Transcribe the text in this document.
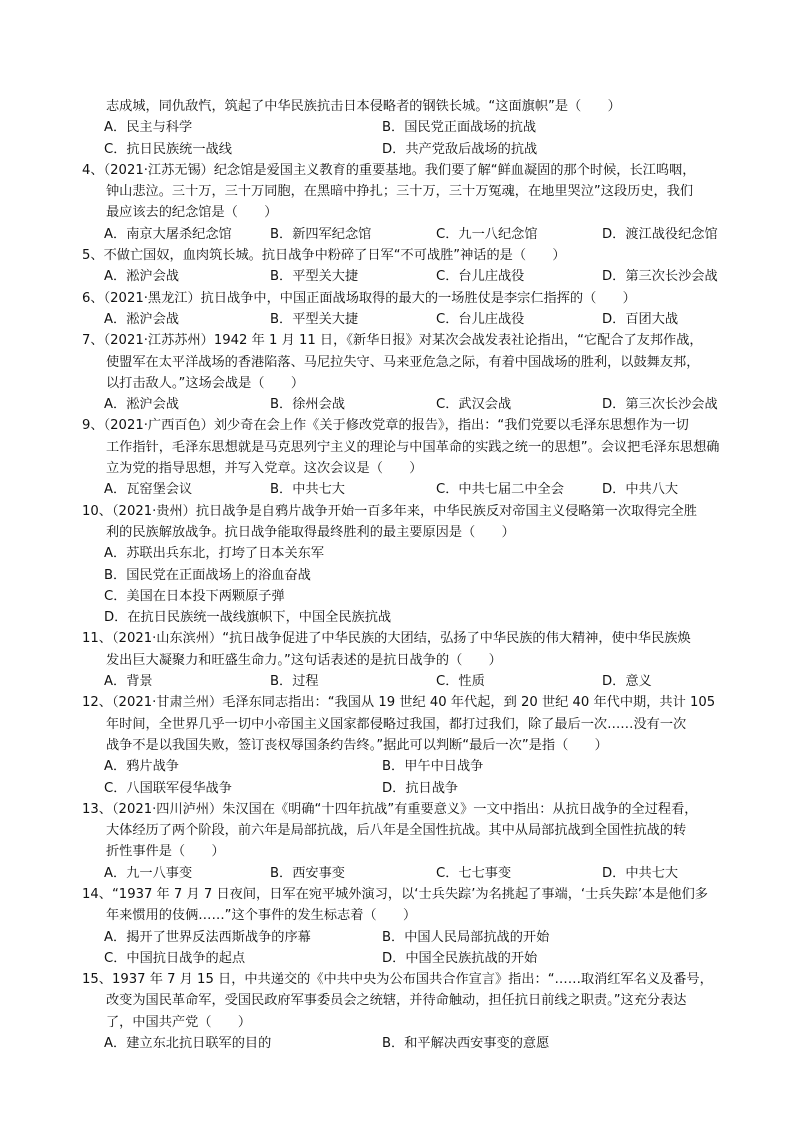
志成城，同仇敌忾，筑起了中华民族抗击日本侵略者的钢铁长城。“这面旗帜”是（　　）
A．民主与科学	B．国民党正面战场的抗战
C．抗日民族统一战线	D．共产党敌后战场的抗战
4、（2021·江苏无锡）纪念馆是爱国主义教育的重要基地。我们要了解“鲜血凝固的那个时候，长江呜咽，
钟山悲泣。三十万，三十万同胞，在黑暗中挣扎；三十万，三十万冤魂，在地里哭泣”这段历史，我们
最应该去的纪念馆是（　　）
A．南京大屠杀纪念馆	B．新四军纪念馆	C．九一八纪念馆	D．渡江战役纪念馆
5、不做亡国奴，血肉筑长城。抗日战争中粉碎了日军“不可战胜”神话的是（　　）
A．淞沪会战	B．平型关大捷	C．台儿庄战役	D．第三次长沙会战
6、（2021·黑龙江）抗日战争中，中国正面战场取得的最大的一场胜仗是李宗仁指挥的（　　）
A．淞沪会战	B．平型关大捷	C．台儿庄战役	D．百团大战
7、（2021·江苏苏州）1942 年 1 月 11 日，《新华日报》对某次会战发表社论指出，“它配合了友邦作战，
使盟军在太平洋战场的香港陷落、马尼拉失守、马来亚危急之际，有着中国战场的胜利，以鼓舞友邦，
以打击敌人。”这场会战是（　　）
A．淞沪会战	B．徐州会战	C．武汉会战	D．第三次长沙会战
9、（2021·广西百色）刘少奇在会上作《关于修改党章的报告》，指出：“我们党要以毛泽东思想作为一切
工作指针，毛泽东思想就是马克思列宁主义的理论与中国革命的实践之统一的思想”。会议把毛泽东思想确
立为党的指导思想，并写入党章。这次会议是（　　）
A．瓦窑堡会议	B．中共七大	C．中共七届二中全会	D．中共八大
10、（2021·贵州）抗日战争是自鸦片战争开始一百多年来，中华民族反对帝国主义侵略第一次取得完全胜
利的民族解放战争。抗日战争能取得最终胜利的最主要原因是（　　）
A．苏联出兵东北，打垮了日本关东军
B．国民党在正面战场上的浴血奋战
C．美国在日本投下两颗原子弹
D．在抗日民族统一战线旗帜下，中国全民族抗战
11、（2021·山东滨州）“抗日战争促进了中华民族的大团结，弘扬了中华民族的伟大精神，使中华民族焕
发出巨大凝聚力和旺盛生命力。”这句话表述的是抗日战争的（　　）
A．背景	B．过程	C．性质	D．意义
12、（2021·甘肃兰州）毛泽东同志指出：“我国从 19 世纪 40 年代起，到 20 世纪 40 年代中期，共计 105
年时间，全世界几乎一切中小帝国主义国家都侵略过我国，都打过我们，除了最后一次……没有一次
战争不是以我国失败，签订丧权辱国条约告终。”据此可以判断“最后一次”是指（　　）
A．鸦片战争	B．甲午中日战争
C．八国联军侵华战争	D．抗日战争
13、（2021·四川泸州）朱汉国在《明确“十四年抗战”有重要意义》一文中指出：从抗日战争的全过程看，
大体经历了两个阶段，前六年是局部抗战，后八年是全国性抗战。其中从局部抗战到全国性抗战的转
折性事件是（　　）
A．九一八事变	B．西安事变	C．七七事变	D．中共七大
14、“1937 年 7 月 7 日夜间，日军在宛平城外演习，以‘士兵失踪’为名挑起了事端，‘士兵失踪’本是他们多
年来惯用的伎俩……”这个事件的发生标志着（　　）
A．揭开了世界反法西斯战争的序幕	B．中国人民局部抗战的开始
C．中国抗日战争的起点	D．中国全民族抗战的开始
15、1937 年 7 月 15 日，中共递交的《中共中央为公布国共合作宣言》指出：“……取消红军名义及番号，
改变为国民革命军，受国民政府军事委员会之统辖，并待命触动，担任抗日前线之职责。”这充分表达
了，中国共产党（　　）
A．建立东北抗日联军的目的	B．和平解决西安事变的意愿
